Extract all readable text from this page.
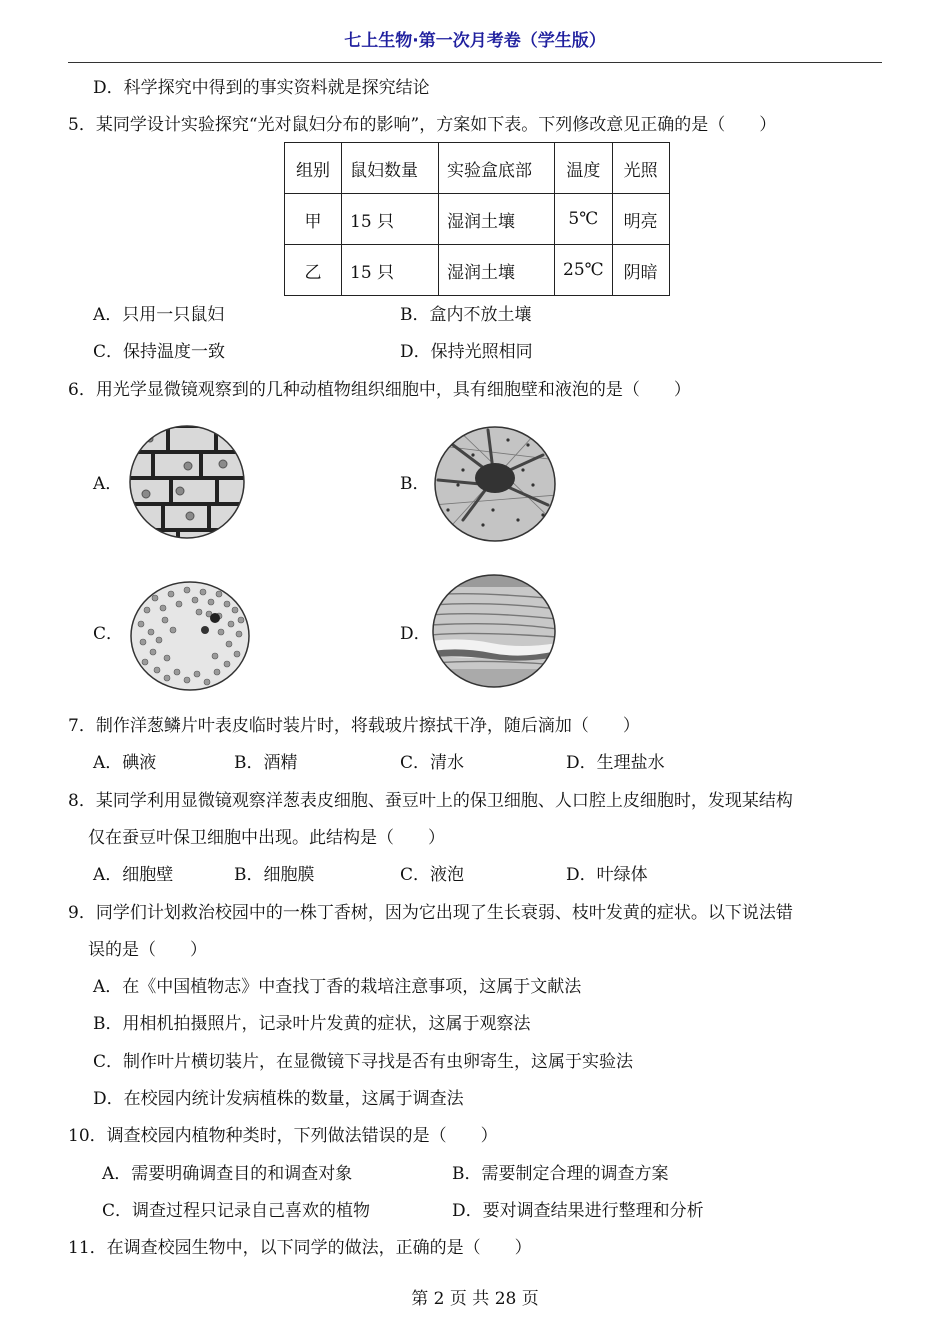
七上生物·第一次月考卷（学生版）
D．科学探究中得到的事实资料就是探究结论
5．某同学设计实验探究“光对鼠妇分布的影响”，方案如下表。下列修改意见正确的是（　　）
组别	鼠妇数量	实验盒底部	温度	光照
甲	15 只	湿润土壤	5℃	明亮
乙	15 只	湿润土壤	25℃	阴暗
A．只用一只鼠妇	B．盒内不放土壤
C．保持温度一致	D．保持光照相同
6．用光学显微镜观察到的几种动植物组织细胞中，具有细胞壁和液泡的是（　　）
A．	B．
C．	D．
7．制作洋葱鳞片叶表皮临时装片时，将载玻片擦拭干净，随后滴加（　　）
A．碘液	B．酒精	C．清水	D．生理盐水
8．某同学利用显微镜观察洋葱表皮细胞、蚕豆叶上的保卫细胞、人口腔上皮细胞时，发现某结构
仅在蚕豆叶保卫细胞中出现。此结构是（　　）
A．细胞壁	B．细胞膜	C．液泡	D．叶绿体
9．同学们计划救治校园中的一株丁香树，因为它出现了生长衰弱、枝叶发黄的症状。以下说法错
误的是（　　）
A．在《中国植物志》中查找丁香的栽培注意事项，这属于文献法
B．用相机拍摄照片，记录叶片发黄的症状，这属于观察法
C．制作叶片横切装片，在显微镜下寻找是否有虫卵寄生，这属于实验法
D．在校园内统计发病植株的数量，这属于调查法
10．调查校园内植物种类时，下列做法错误的是（　　）
A．需要明确调查目的和调查对象	B．需要制定合理的调查方案
C．调查过程只记录自己喜欢的植物	D．要对调查结果进行整理和分析
11．在调查校园生物中，以下同学的做法，正确的是（　　）
第 2 页 共 28 页
